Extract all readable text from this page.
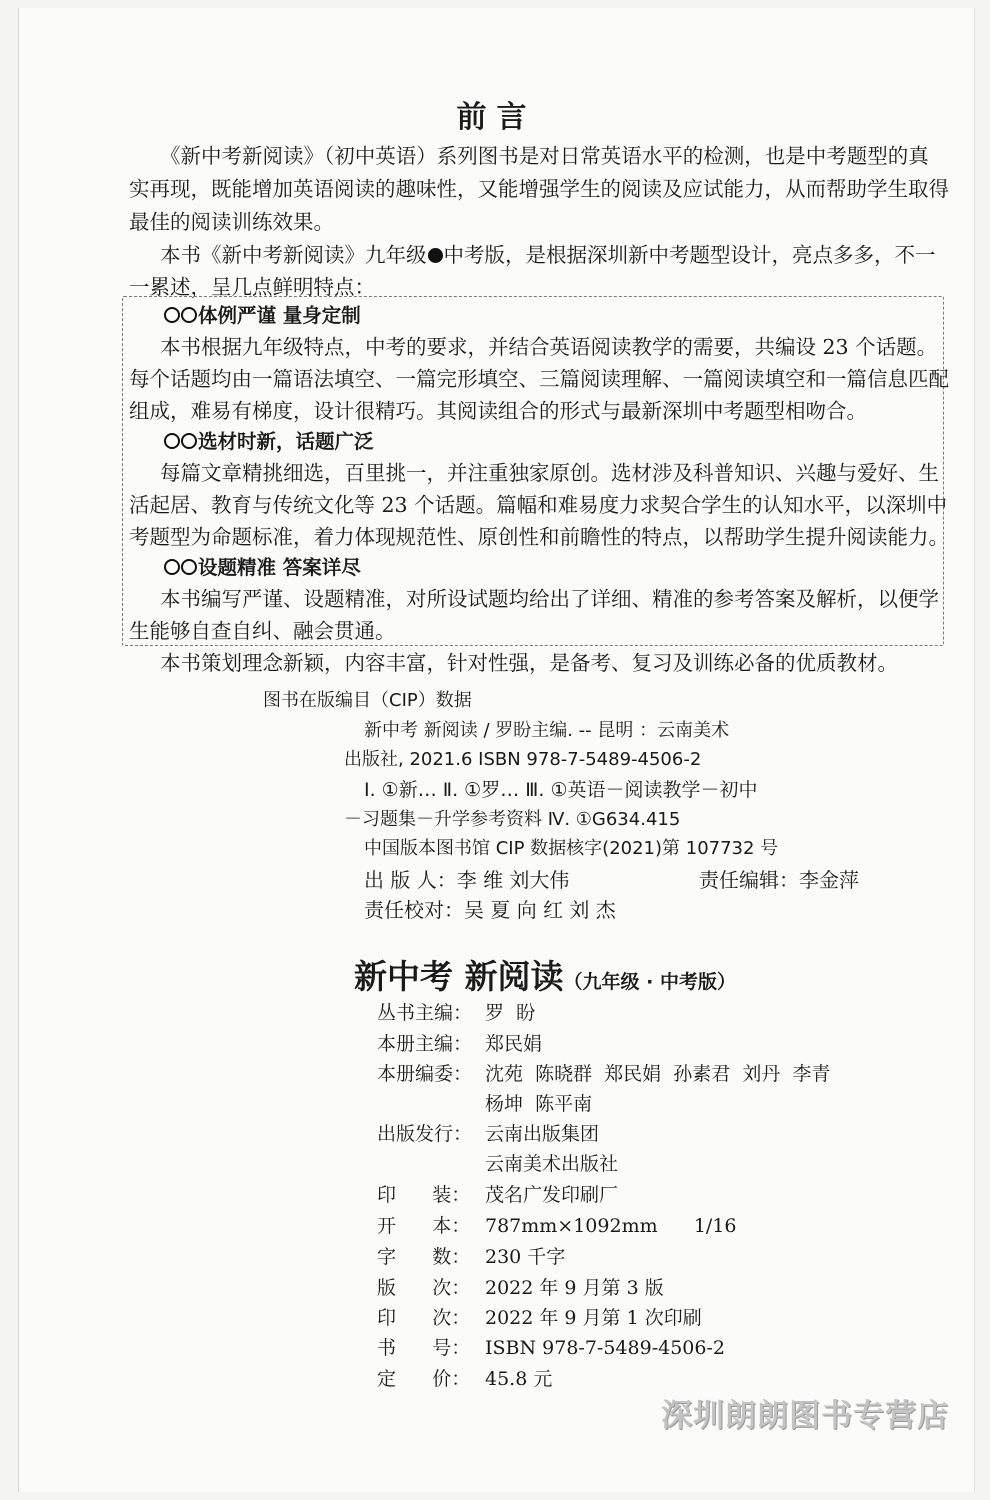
前言
《新中考新阅读》（初中英语）系列图书是对日常英语水平的检测，也是中考题型的真
实再现，既能增加英语阅读的趣味性，又能增强学生的阅读及应试能力，从而帮助学生取得
最佳的阅读训练效果。
本书《新中考新阅读》九年级 中考版，是根据深圳新中考题型设计，亮点多多，不一
一累述，呈几点鲜明特点：
体例严谨 量身定制
本书根据九年级特点，中考的要求，并结合英语阅读教学的需要，共编设 23 个话题。
每个话题均由一篇语法填空、一篇完形填空、三篇阅读理解、一篇阅读填空和一篇信息匹配
组成，难易有梯度，设计很精巧。其阅读组合的形式与最新深圳中考题型相吻合。
选材时新，话题广泛
每篇文章精挑细选，百里挑一，并注重独家原创。选材涉及科普知识、兴趣与爱好、生
活起居、教育与传统文化等 23 个话题。篇幅和难易度力求契合学生的认知水平，以深圳中
考题型为命题标准，着力体现规范性、原创性和前瞻性的特点，以帮助学生提升阅读能力。
设题精准 答案详尽
本书编写严谨、设题精准，对所设试题均给出了详细、精准的参考答案及解析，以便学
生能够自查自纠、融会贯通。
本书策划理念新颖，内容丰富，针对性强，是备考、复习及训练必备的优质教材。
图书在版编目（CIP）数据
新中考 新阅读 / 罗盼主编. -- 昆明 ：云南美术
出版社, 2021.6 ISBN 978-7-5489-4506-2
Ⅰ. ①新… Ⅱ. ①罗… Ⅲ. ①英语－阅读教学－初中
－习题集－升学参考资料 Ⅳ. ①G634.415
中国版本图书馆 CIP 数据核字(2021)第 107732 号
出 版 人：李 维 刘大伟	责任编辑：李金萍
责任校对：吴 夏 向 红 刘 杰
新中考 新阅读（九年级 · 中考版）
丛书主编： 罗  盼
本册主编： 郑民娟
本册编委： 沈苑  陈晓群  郑民娟  孙素君  刘丹  李青
杨坤  陈平南
出版发行： 云南出版集团
云南美术出版社
印      装： 茂名广发印刷厂
开      本： 787mm×1092mm      1/16
字      数： 230 千字
版      次： 2022 年 9 月第 3 版
印      次： 2022 年 9 月第 1 次印刷
书      号： ISBN 978-7-5489-4506-2
定      价： 45.8 元
深圳朗朗图书专营店
